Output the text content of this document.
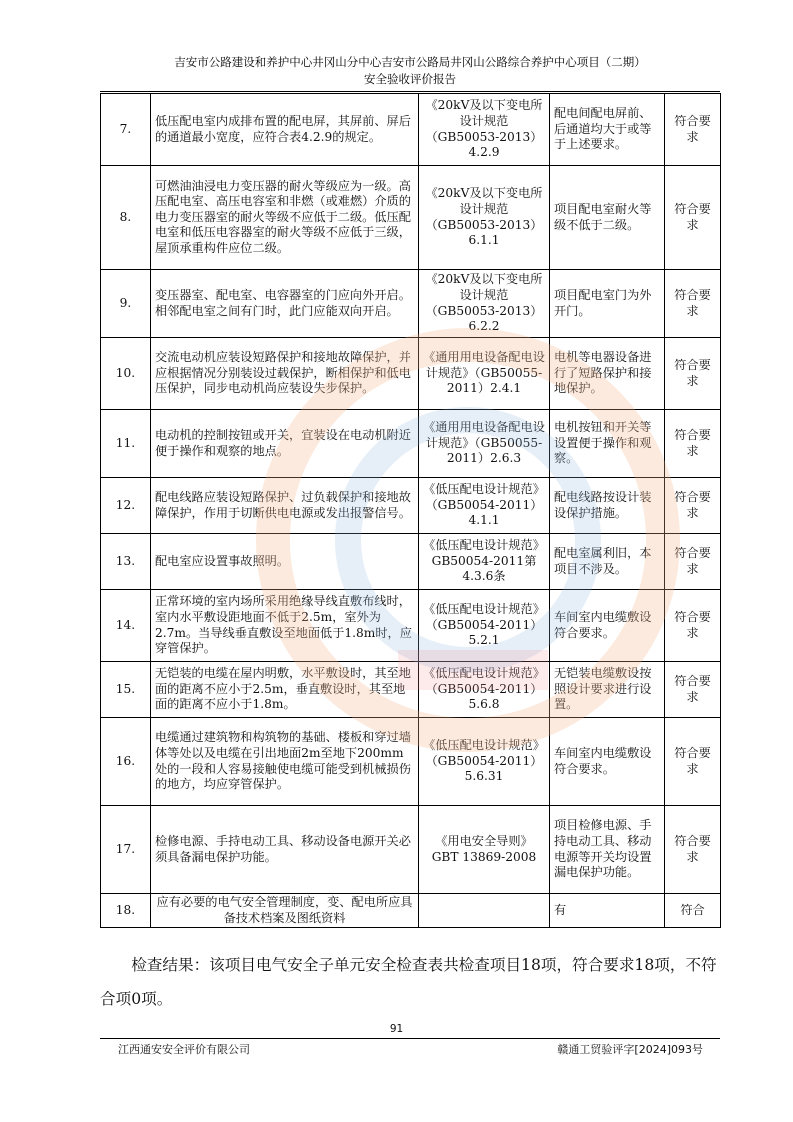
吉安市公路建设和养护中心井冈山分中心吉安市公路局井冈山公路综合养护中心项目（二期）
安全验收评价报告
7.	低压配电室内成排布置的配电屏，其屏前、屏后的通道最小宽度，应符合表4.2.9的规定。	《20kV及以下变电所设计规范（GB50053-2013）4.2.9	配电间配电屏前、后通道均大于或等于上述要求。	符合要求
8.	可燃油油浸电力变压器的耐火等级应为一级。高压配电室、高压电容室和非燃（或难燃）介质的电力变压器室的耐火等级不应低于二级。低压配电室和低压电容器室的耐火等级不应低于三级，屋顶承重构件应位二级。	《20kV及以下变电所设计规范（GB50053-2013）6.1.1	项目配电室耐火等级不低于二级。	符合要求
9.	变压器室、配电室、电容器室的门应向外开启。相邻配电室之间有门时，此门应能双向开启。	《20kV及以下变电所设计规范（GB50053-2013）6.2.2	项目配电室门为外开门。	符合要求
10.	交流电动机应装设短路保护和接地故障保护，并应根据情况分别装设过载保护，断相保护和低电压保护，同步电动机尚应装设失步保护。	《通用用电设备配电设计规范》（GB50055-2011）2.4.1	电机等电器设备进行了短路保护和接地保护。	符合要求
11.	电动机的控制按钮或开关，宜装设在电动机附近便于操作和观察的地点。	《通用用电设备配电设计规范》（GB50055-2011）2.6.3	电机按钮和开关等设置便于操作和观察。	符合要求
12.	配电线路应装设短路保护、过负载保护和接地故障保护，作用于切断供电电源或发出报警信号。	《低压配电设计规范》（GB50054-2011）4.1.1	配电线路按设计装设保护措施。	符合要求
13.	配电室应设置事故照明。	《低压配电设计规范》GB50054-2011第4.3.6条	配电室属利旧，本项目不涉及。	符合要求
14.	正常环境的室内场所采用绝缘导线直敷布线时，室内水平敷设距地面不低于2.5m，室外为2.7m。当导线垂直敷设至地面低于1.8m时，应穿管保护。	《低压配电设计规范》（GB50054-2011）5.2.1	车间室内电缆敷设符合要求。	符合要求
15.	无铠装的电缆在屋内明敷，水平敷设时，其至地面的距离不应小于2.5m，垂直敷设时，其至地面的距离不应小于1.8m。	《低压配电设计规范》（GB50054-2011）5.6.8	无铠装电缆敷设按照设计要求进行设置。	符合要求
16.	电缆通过建筑物和构筑物的基础、楼板和穿过墙体等处以及电缆在引出地面2m至地下200mm处的一段和人容易接触使电缆可能受到机械损伤的地方，均应穿管保护。	《低压配电设计规范》（GB50054-2011）5.6.31	车间室内电缆敷设符合要求。	符合要求
17.	检修电源、手持电动工具、移动设备电源开关必须具备漏电保护功能。	《用电安全导则》GBT 13869-2008	项目检修电源、手持电动工具、移动电源等开关均设置漏电保护功能。	符合要求
18.	应有必要的电气安全管理制度，变、配电所应具备技术档案及图纸资料		有	符合
检查结果：该项目电气安全子单元安全检查表共检查项目18项，符合要求18项，不符合项0项。
91
江西通安安全评价有限公司	赣通工贸验评字[2024]093号
